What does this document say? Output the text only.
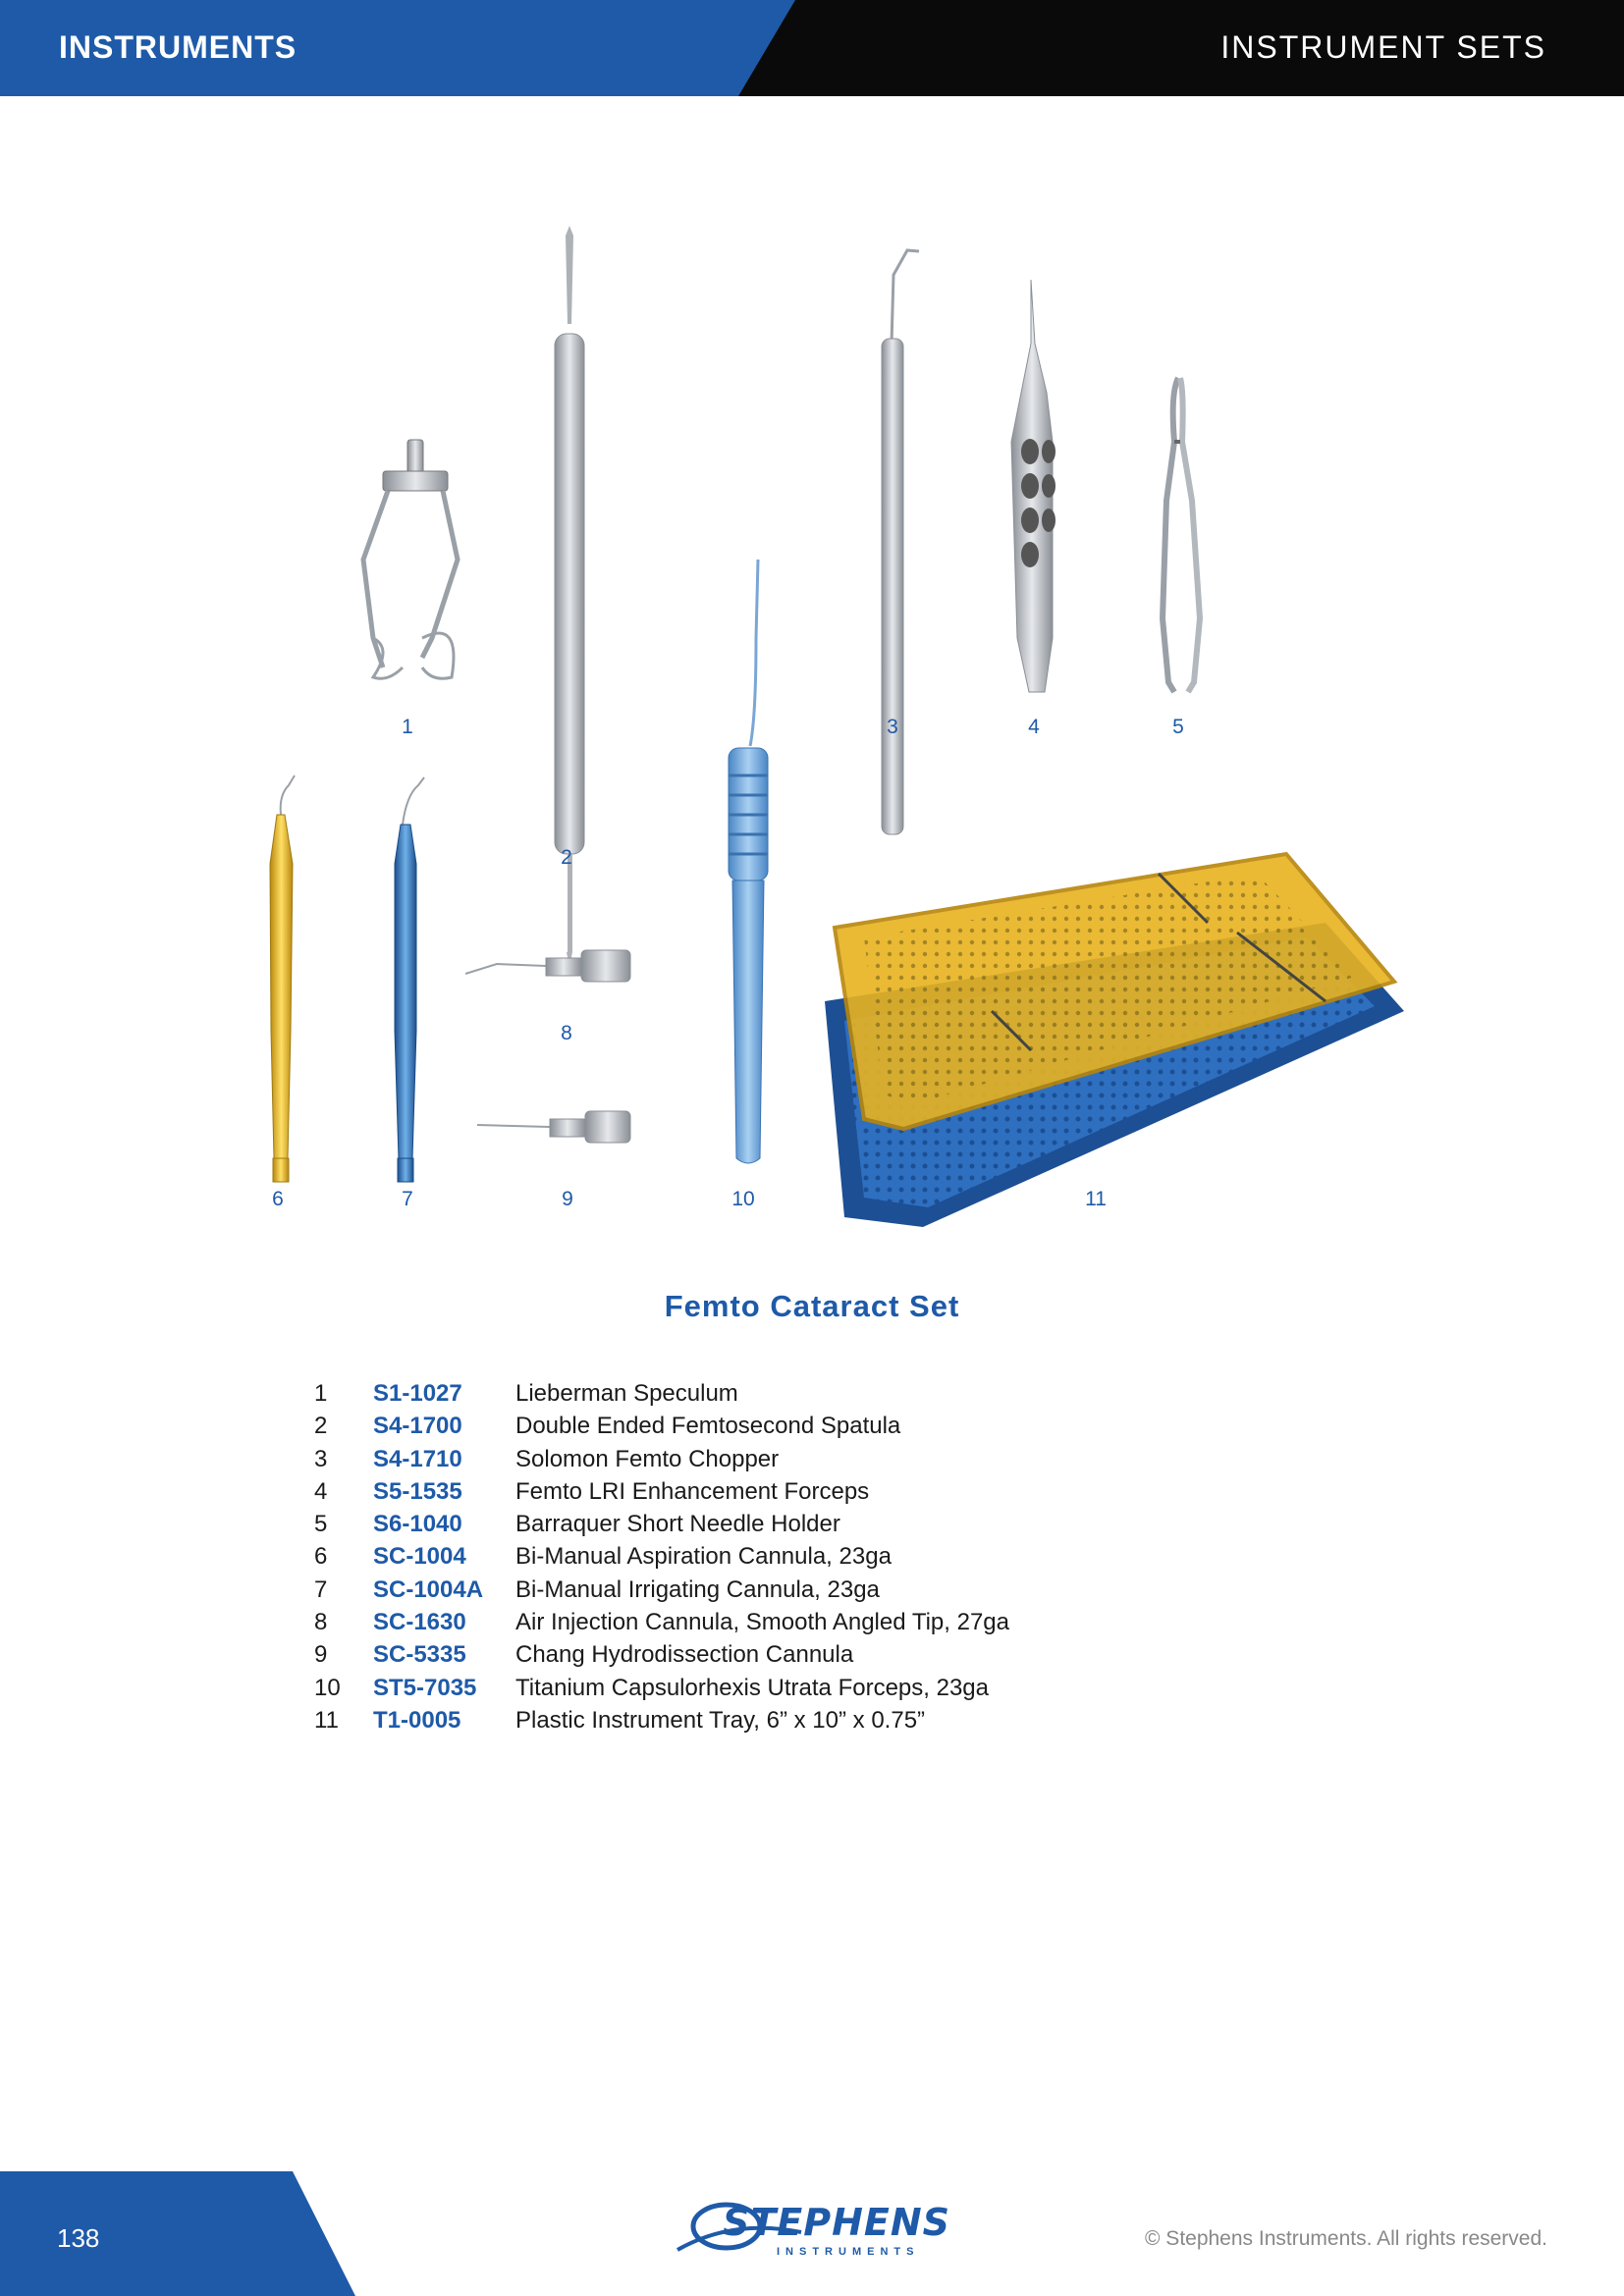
INSTRUMENTS	INSTRUMENT SETS
1
2
3	4	5
6	7
8
9	10	11
Femto Cataract Set
1 S1-1027 Lieberman Speculum
2 S4-1700 Double Ended Femtosecond Spatula
3 S4-1710 Solomon Femto Chopper
4 S5-1535 Femto LRI Enhancement Forceps
5 S6-1040 Barraquer Short Needle Holder
6 SC-1004 Bi-Manual Aspiration Cannula, 23ga
7 SC-1004A Bi-Manual Irrigating Cannula, 23ga
8 SC-1630 Air Injection Cannula, Smooth Angled Tip, 27ga
9 SC-5335 Chang Hydrodissection Cannula
10 ST5-7035 Titanium Capsulorhexis Utrata Forceps, 23ga
11 T1-0005 Plastic Instrument Tray, 6” x 10” x 0.75”
138	STEPHENS
INSTRUMENTS
© Stephens Instruments. All rights reserved.
